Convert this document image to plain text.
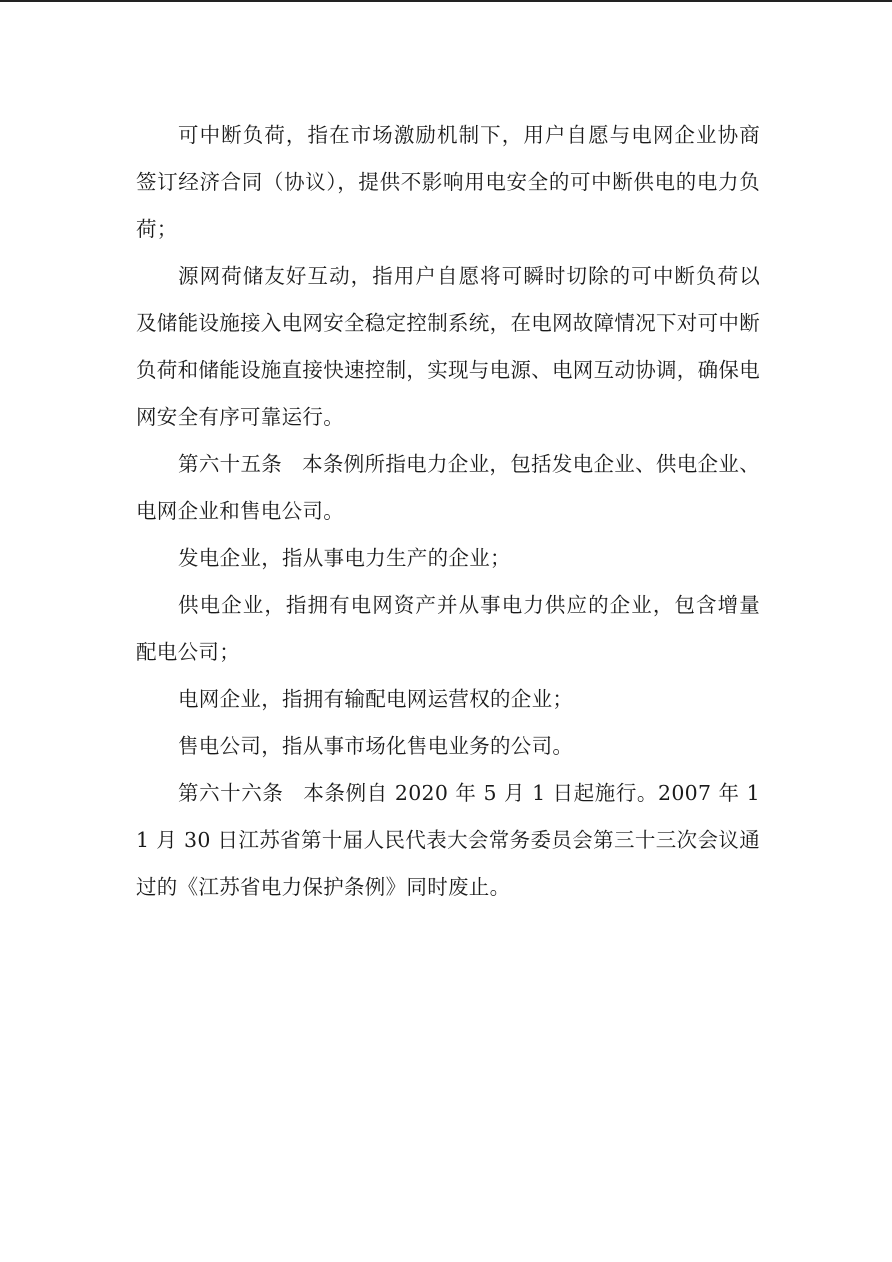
可中断负荷，指在市场激励机制下，用户自愿与电网企业协商签订经济合同（协议），提供不影响用电安全的可中断供电的电力负荷；

源网荷储友好互动，指用户自愿将可瞬时切除的可中断负荷以及储能设施接入电网安全稳定控制系统，在电网故障情况下对可中断负荷和储能设施直接快速控制，实现与电源、电网互动协调，确保电网安全有序可靠运行。

第六十五条 本条例所指电力企业，包括发电企业、供电企业、电网企业和售电公司。

发电企业，指从事电力生产的企业；

供电企业，指拥有电网资产并从事电力供应的企业，包含增量配电公司；

电网企业，指拥有输配电网运营权的企业；

售电公司，指从事市场化售电业务的公司。

第六十六条 本条例自 2020 年 5 月 1 日起施行。2007 年 11 月 30 日江苏省第十届人民代表大会常务委员会第三十三次会议通过的《江苏省电力保护条例》同时废止。
